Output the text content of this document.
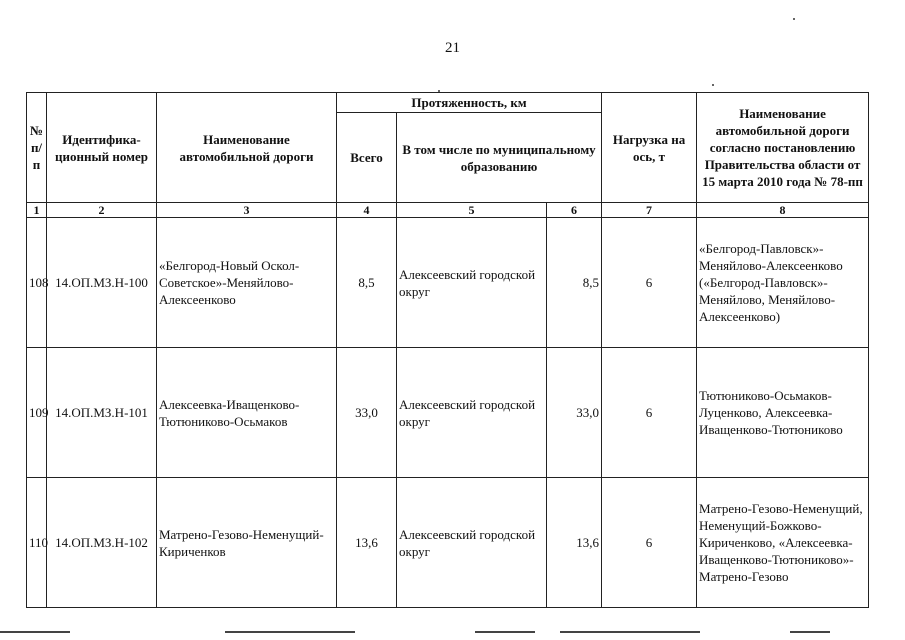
21
№ п/п	Идентифика-ционный номер	Наименование автомобильной дороги	Протяженность, км			Нагрузка на ось, т	Наименование автомобильной дороги согласно постановлению Правительства области от 15 марта 2010 года № 78-пп
			Всего	В том числе по муниципальному образованию			
1	2	3	4	5	6	7	8
108	14.ОП.МЗ.Н-100	«Белгород-Новый Оскол-Советское»-Меняйлово-Алексеенково	8,5	Алексеевский городской округ	8,5	6	«Белгород-Павловск»-Меняйлово-Алексеенково («Белгород-Павловск»-Меняйлово, Меняйлово-Алексеенково)
109	14.ОП.МЗ.Н-101	Алексеевка-Иващенково-Тютюниково-Осьмаков	33,0	Алексеевский городской округ	33,0	6	Тютюниково-Осьмаков-Луценково, Алексеевка-Иващенково-Тютюниково
110	14.ОП.МЗ.Н-102	Матрено-Гезово-Неменущий-Кириченков	13,6	Алексеевский городской округ	13,6	6	Матрено-Гезово-Неменущий, Неменущий-Божково-Кириченково, «Алексеевка-Иващенково-Тютюниково»-Матрено-Гезово
